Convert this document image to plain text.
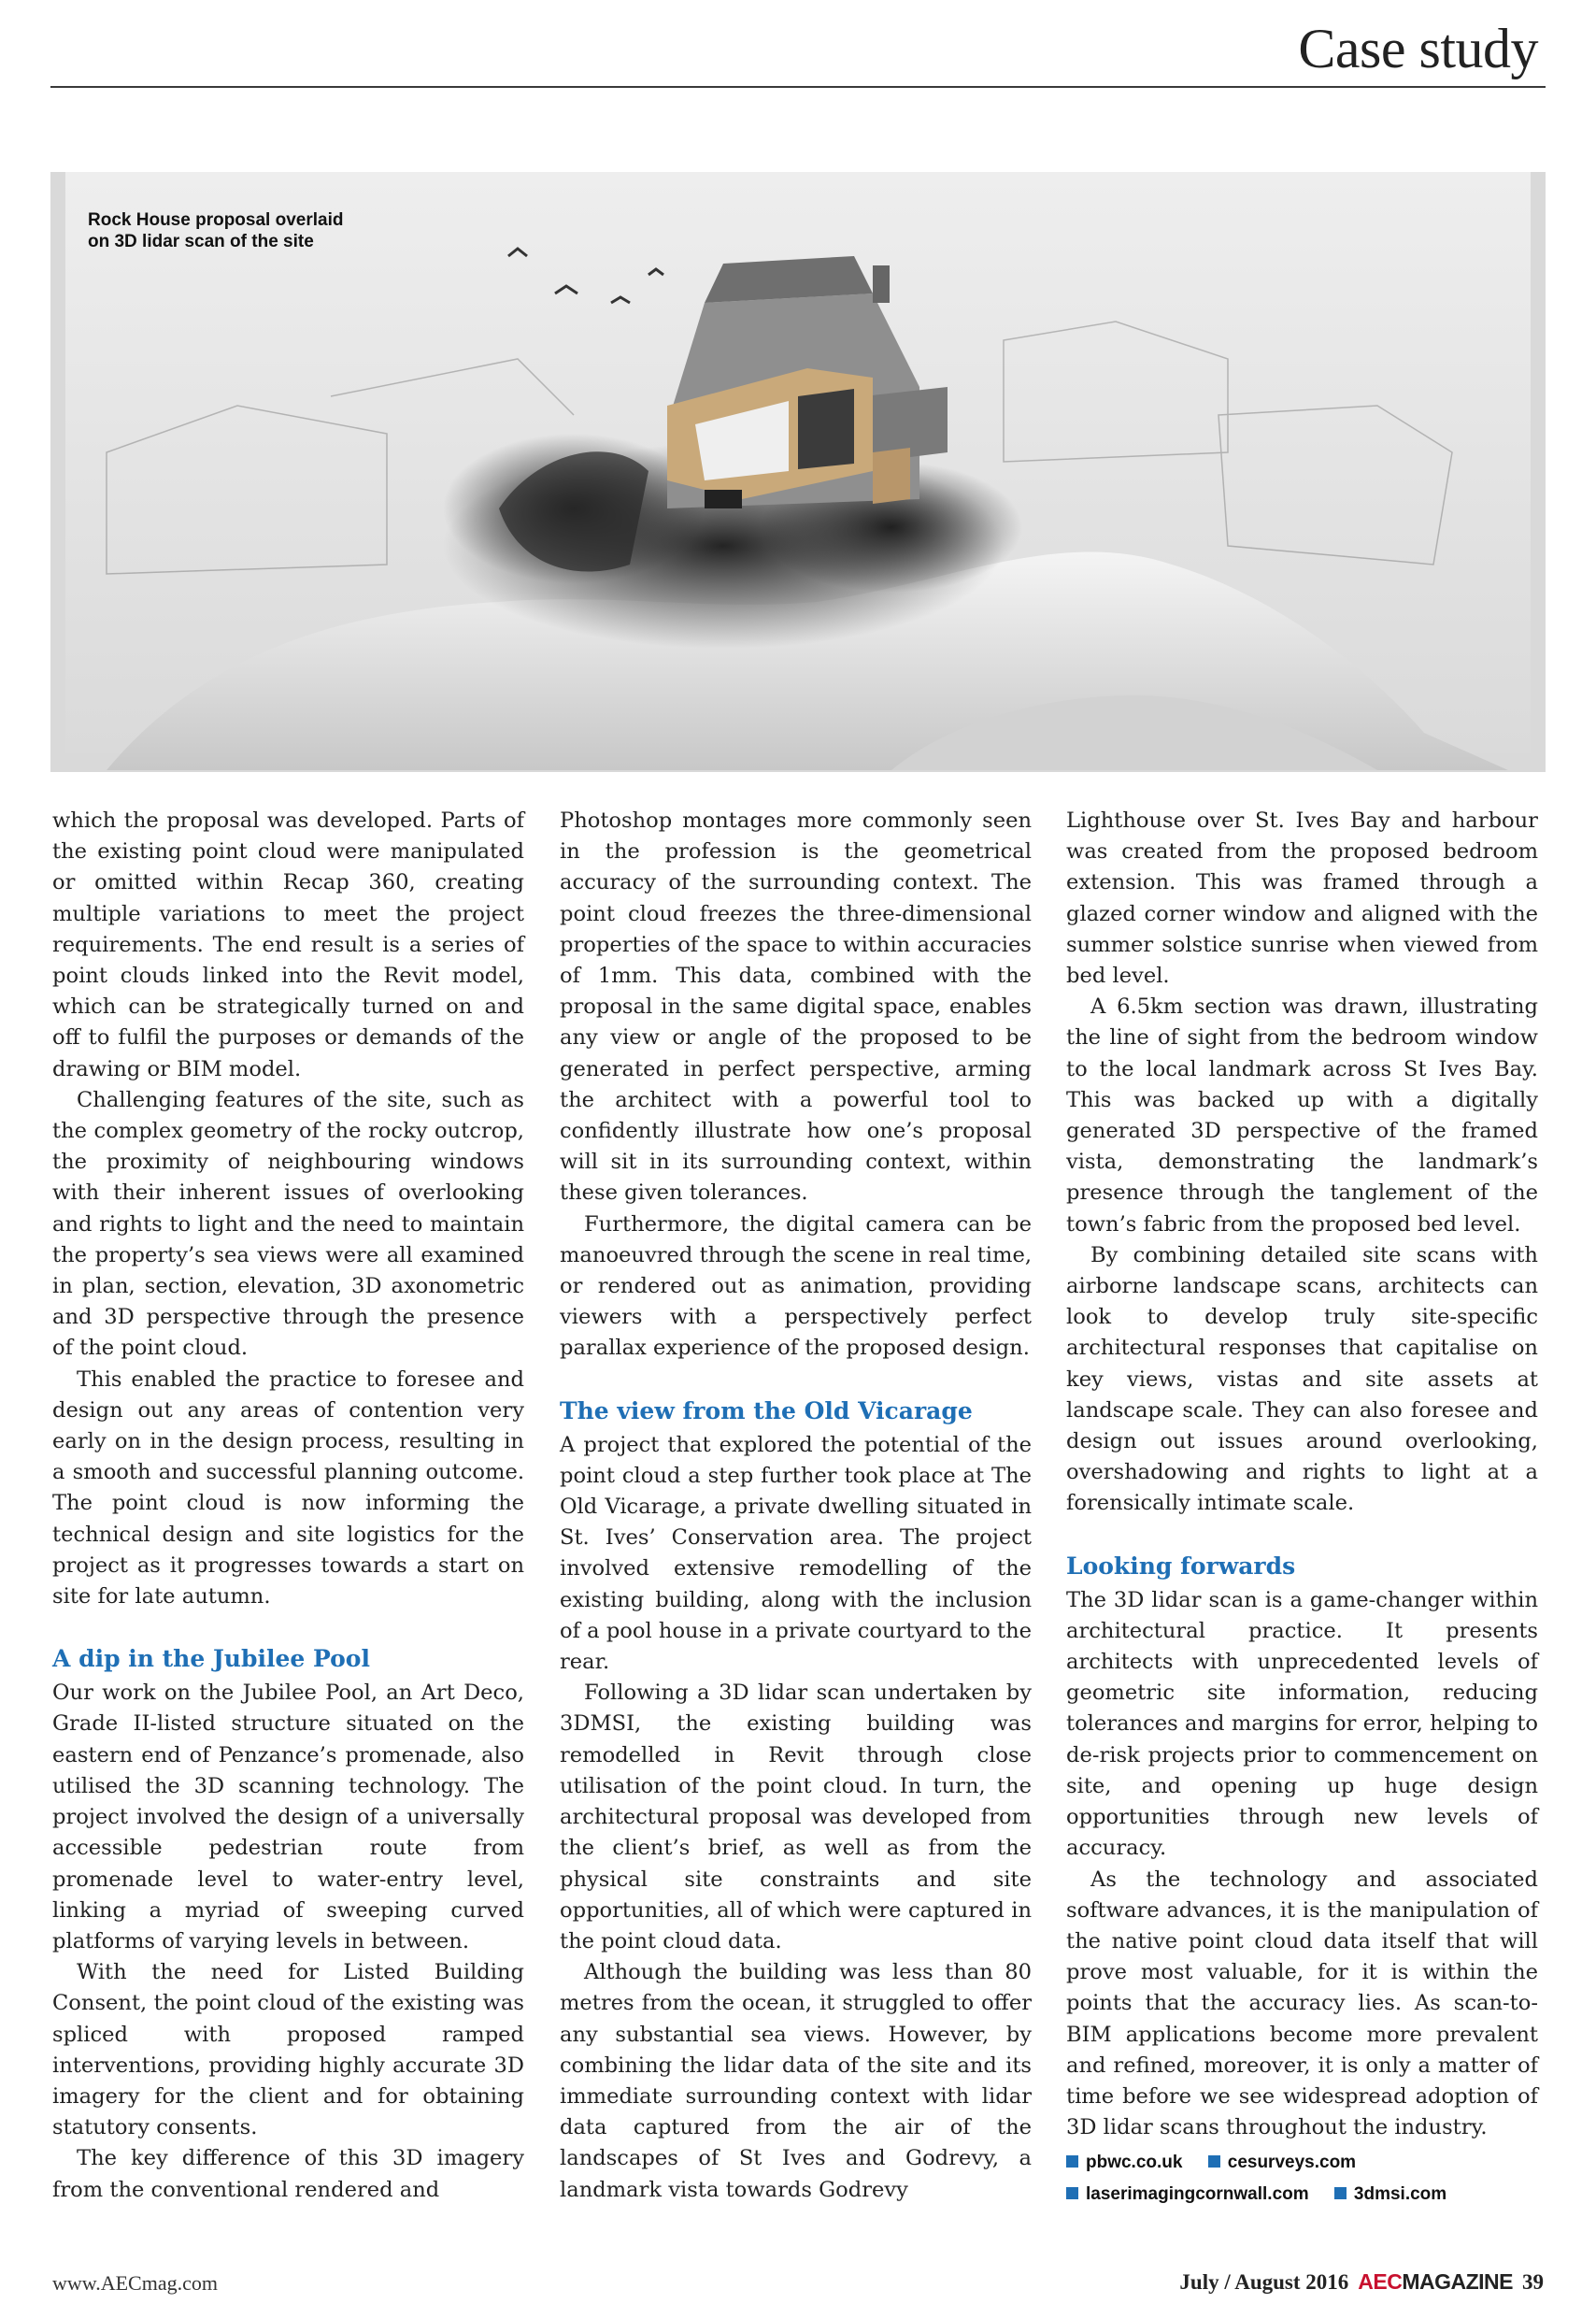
Case study
Rock House proposal overlaid
on 3D lidar scan of the site

which the proposal was developed. Parts of the existing point cloud were manipulated or omitted within Recap 360, creating multiple variations to meet the project requirements. The end result is a series of point clouds linked into the Revit model, which can be strategically turned on and off to fulfil the purposes or demands of the drawing or BIM model.

Challenging features of the site, such as the complex geometry of the rocky outcrop, the proximity of neighbouring windows with their inherent issues of overlooking and rights to light and the need to maintain the property’s sea views were all examined in plan, section, elevation, 3D axonometric and 3D perspective through the presence of the point cloud.

This enabled the practice to foresee and design out any areas of contention very early on in the design process, resulting in a smooth and successful planning outcome. The point cloud is now informing the technical design and site logistics for the project as it progresses towards a start on site for late autumn.

A dip in the Jubilee Pool

Our work on the Jubilee Pool, an Art Deco, Grade II-listed structure situated on the eastern end of Penzance’s promenade, also utilised the 3D scanning technology. The project involved the design of a universally accessible pedestrian route from promenade level to water-entry level, linking a myriad of sweeping curved platforms of varying levels in between.

With the need for Listed Building Consent, the point cloud of the existing was spliced with proposed ramped interventions, providing highly accurate 3D imagery for the client and for obtaining statutory consents.

The key difference of this 3D imagery from the conventional rendered and

Photoshop montages more commonly seen in the profession is the geometrical accuracy of the surrounding context. The point cloud freezes the three-dimensional properties of the space to within accuracies of 1mm. This data, combined with the proposal in the same digital space, enables any view or angle of the proposed to be generated in perfect perspective, arming the architect with a powerful tool to confidently illustrate how one’s proposal will sit in its surrounding context, within these given tolerances.

Furthermore, the digital camera can be manoeuvred through the scene in real time, or rendered out as animation, providing viewers with a perspectively perfect parallax experience of the proposed design.

The view from the Old Vicarage

A project that explored the potential of the point cloud a step further took place at The Old Vicarage, a private dwelling situated in St. Ives’ Conservation area. The project involved extensive remodelling of the existing building, along with the inclusion of a pool house in a private courtyard to the rear.

Following a 3D lidar scan undertaken by 3DMSI, the existing building was remodelled in Revit through close utilisation of the point cloud. In turn, the architectural proposal was developed from the client’s brief, as well as from the physical site constraints and site opportunities, all of which were captured in the point cloud data.

Although the building was less than 80 metres from the ocean, it struggled to offer any substantial sea views. However, by combining the lidar data of the site and its immediate surrounding context with lidar data captured from the air of the landscapes of St Ives and Godrevy, a landmark vista towards Godrevy

Lighthouse over St. Ives Bay and harbour was created from the proposed bedroom extension. This was framed through a glazed corner window and aligned with the summer solstice sunrise when viewed from bed level.

A 6.5km section was drawn, illustrating the line of sight from the bedroom window to the local landmark across St Ives Bay. This was backed up with a digitally generated 3D perspective of the framed vista, demonstrating the landmark’s presence through the tanglement of the town’s fabric from the proposed bed level.

By combining detailed site scans with airborne landscape scans, architects can look to develop truly site-specific architectural responses that capitalise on key views, vistas and site assets at landscape scale. They can also foresee and design out issues around overlooking, overshadowing and rights to light at a forensically intimate scale.

Looking forwards

The 3D lidar scan is a game-changer within architectural practice. It presents architects with unprecedented levels of geometric site information, reducing tolerances and margins for error, helping to de-risk projects prior to commencement on site, and opening up huge design opportunities through new levels of accuracy.

As the technology and associated software advances, it is the manipulation of the native point cloud data itself that will prove most valuable, for it is within the points that the accuracy lies. As scan-to-BIM applications become more prevalent and refined, moreover, it is only a matter of time before we see widespread adoption of 3D lidar scans throughout the industry.

pbwc.co.uk	cesurveys.com
laserimagingcornwall.com	3dmsi.com
www.AECmag.com	July / August 2016 AECMAGAZINE 39
